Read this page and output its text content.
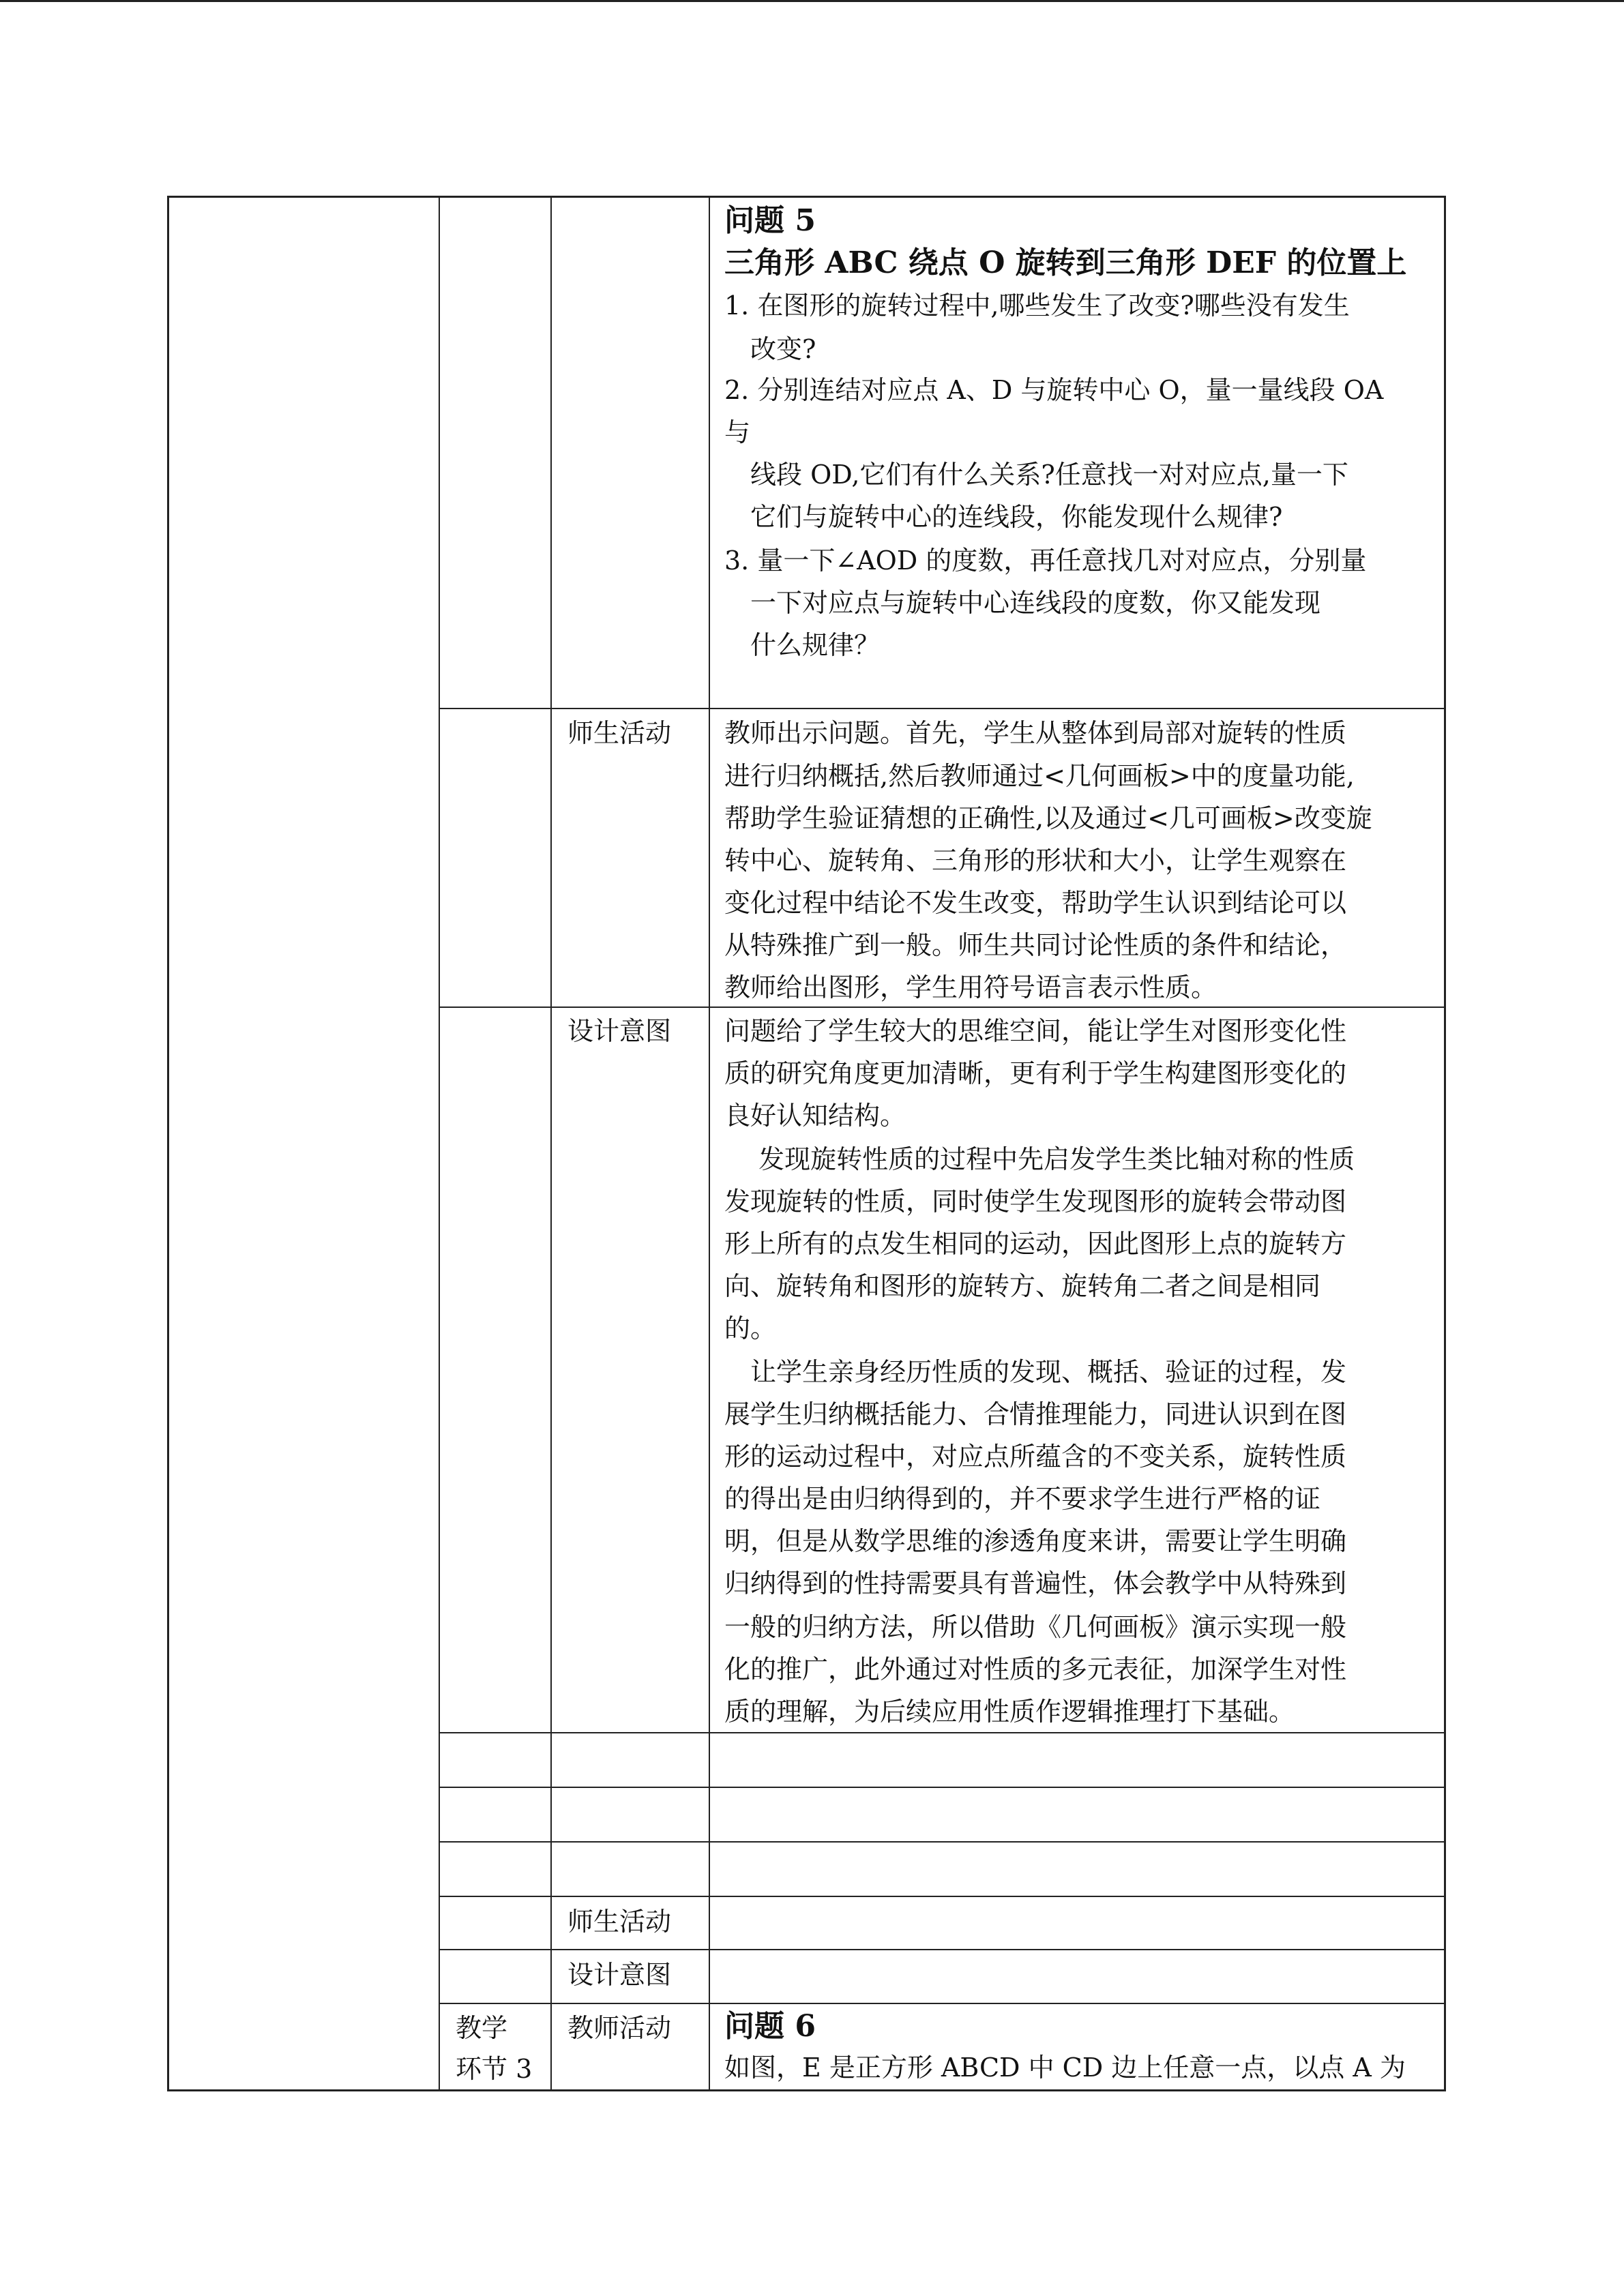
问题 5
三角形 ABC 绕点 O 旋转到三角形 DEF 的位置上
1. 在图形的旋转过程中,哪些发生了改变?哪些没有发生
　改变?
2. 分别连结对应点 A、D 与旋转中心 O，量一量线段 OA
与
　线段 OD,它们有什么关系?任意找一对对应点,量一下
　它们与旋转中心的连线段，你能发现什么规律?
3. 量一下∠AOD 的度数，再任意找几对对应点，分别量
　一下对应点与旋转中心连线段的度数，你又能发现
　什么规律？
师生活动 教师出示问题。首先，学生从整体到局部对旋转的性质
进行归纳概括,然后教师通过<几何画板>中的度量功能,
帮助学生验证猜想的正确性,以及通过<几可画板>改变旋
转中心、旋转角、三角形的形状和大小，让学生观察在
变化过程中结论不发生改变，帮助学生认识到结论可以
从特殊推广到一般。师生共同讨论性质的条件和结论，
教师给出图形，学生用符号语言表示性质。
设计意图 问题给了学生较大的思维空间，能让学生对图形变化性
质的研究角度更加清晰，更有利于学生构建图形变化的
良好认知结构。
　 发现旋转性质的过程中先启发学生类比轴对称的性质
发现旋转的性质，同时使学生发现图形的旋转会带动图
形上所有的点发生相同的运动，因此图形上点的旋转方
向、旋转角和图形的旋转方、旋转角二者之间是相同
的。
　让学生亲身经历性质的发现、概括、验证的过程，发
展学生归纳概括能力、合情推理能力，同进认识到在图
形的运动过程中，对应点所蕴含的不变关系，旋转性质
的得出是由归纳得到的，并不要求学生进行严格的证
明，但是从数学思维的渗透角度来讲，需要让学生明确
归纳得到的性持需要具有普遍性，体会教学中从特殊到
一般的归纳方法，所以借助《几何画板》演示实现一般
化的推广，此外通过对性质的多元表征，加深学生对性
质的理解，为后续应用性质作逻辑推理打下基础。
师生活动
设计意图
教学
环节 3
教师活动 问题 6
如图，E 是正方形 ABCD 中 CD 边上任意一点，以点 A 为
